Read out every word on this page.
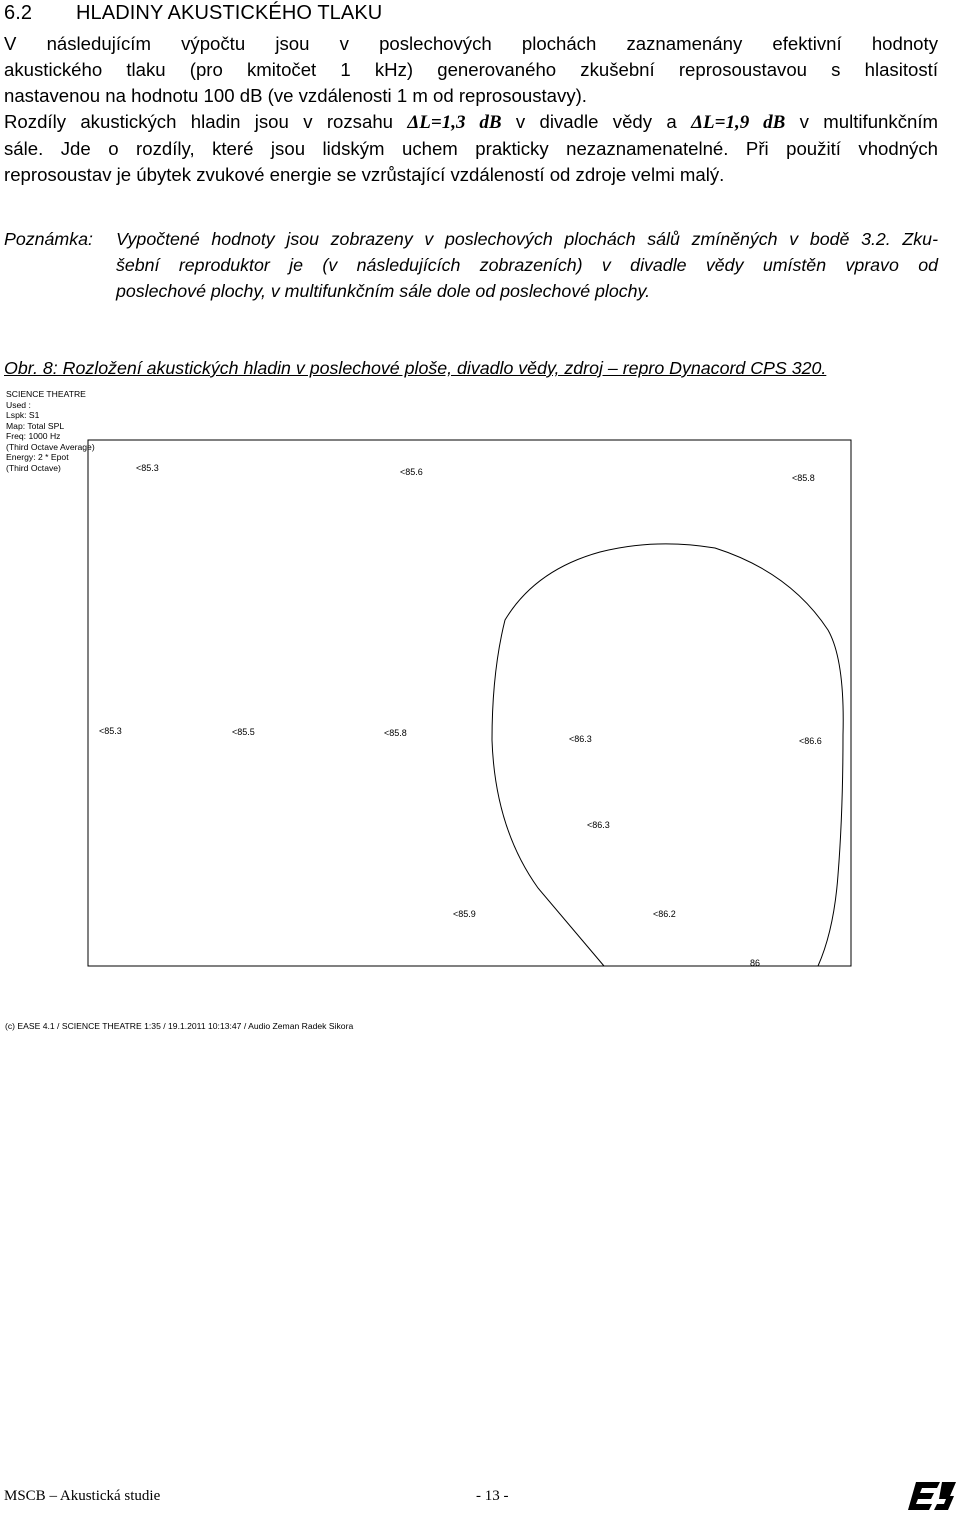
6.2 HLADINY AKUSTICKÉHO TLAKU
V následujícím výpočtu jsou v poslechových plochách zaznamenány efektivní hodnoty
akustického tlaku (pro kmitočet 1 kHz) generovaného zkušební reprosoustavou s hlasitostí
nastavenou na hodnotu 100 dB (ve vzdálenosti 1 m od reprosoustavy).
Rozdíly akustických hladin jsou v rozsahu ΔL=1,3 dB v divadle vědy a ΔL=1,9 dB v multifunkčním
sále. Jde o rozdíly, které jsou lidským uchem prakticky nezaznamenatelné. Při použití vhodných
reprosoustav je úbytek zvukové energie se vzrůstající vzdáleností od zdroje velmi malý.
Poznámka: Vypočtené hodnoty jsou zobrazeny v poslechových plochách sálů zmíněných v bodě 3.2. Zku-
šební reproduktor je (v následujících zobrazeních) v divadle vědy umístěn vpravo od
poslechové plochy, v multifunkčním sále dole od poslechové plochy.
Obr. 8: Rozložení akustických hladin v poslechové ploše, divadlo vědy, zdroj – repro Dynacord CPS 320.
SCIENCE THEATRE
Used :
Lspk: S1
Map: Total SPL
Freq: 1000 Hz
(Third Octave Average)
Energy: 2 * Epot
(Third Octave)	<85.3	<85.6
<85.8
<85.3	<85.5	<85.8
<86.3	<86.6
<86.3
<85.9	<86.2
86
(c) EASE 4.1 / SCIENCE THEATRE 1:35 / 19.1.2011 10:13:47 / Audio Zeman Radek Sikora
MSCB – Akustická studie	- 13 -
